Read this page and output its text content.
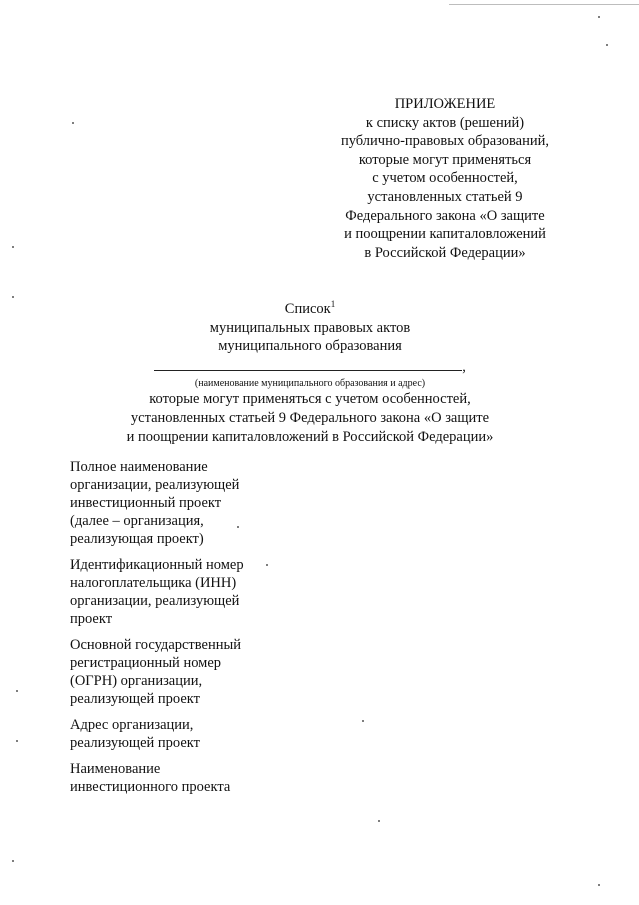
ПРИЛОЖЕНИЕ
к списку актов (решений)
публично-правовых образований,
которые могут применяться
с учетом особенностей,
установленных статьей 9
Федерального закона «О защите
и поощрении капиталовложений
в Российской Федерации»
Список$^1$
муниципальных правовых актов
муниципального образования
,
(наименование муниципального образования и адрес)
которые могут применяться с учетом особенностей,
установленных статьей 9 Федерального закона «О защите
и поощрении капиталовложений в Российской Федерации»
Полное наименование
организации, реализующей
инвестиционный проект
(далее – организация,
реализующая проект)
Идентификационный номер
налогоплательщика (ИНН)
организации, реализующей
проект
Основной государственный
регистрационный номер
(ОГРН) организации,
реализующей проект
Адрес организации,
реализующей проект
Наименование
инвестиционного проекта
